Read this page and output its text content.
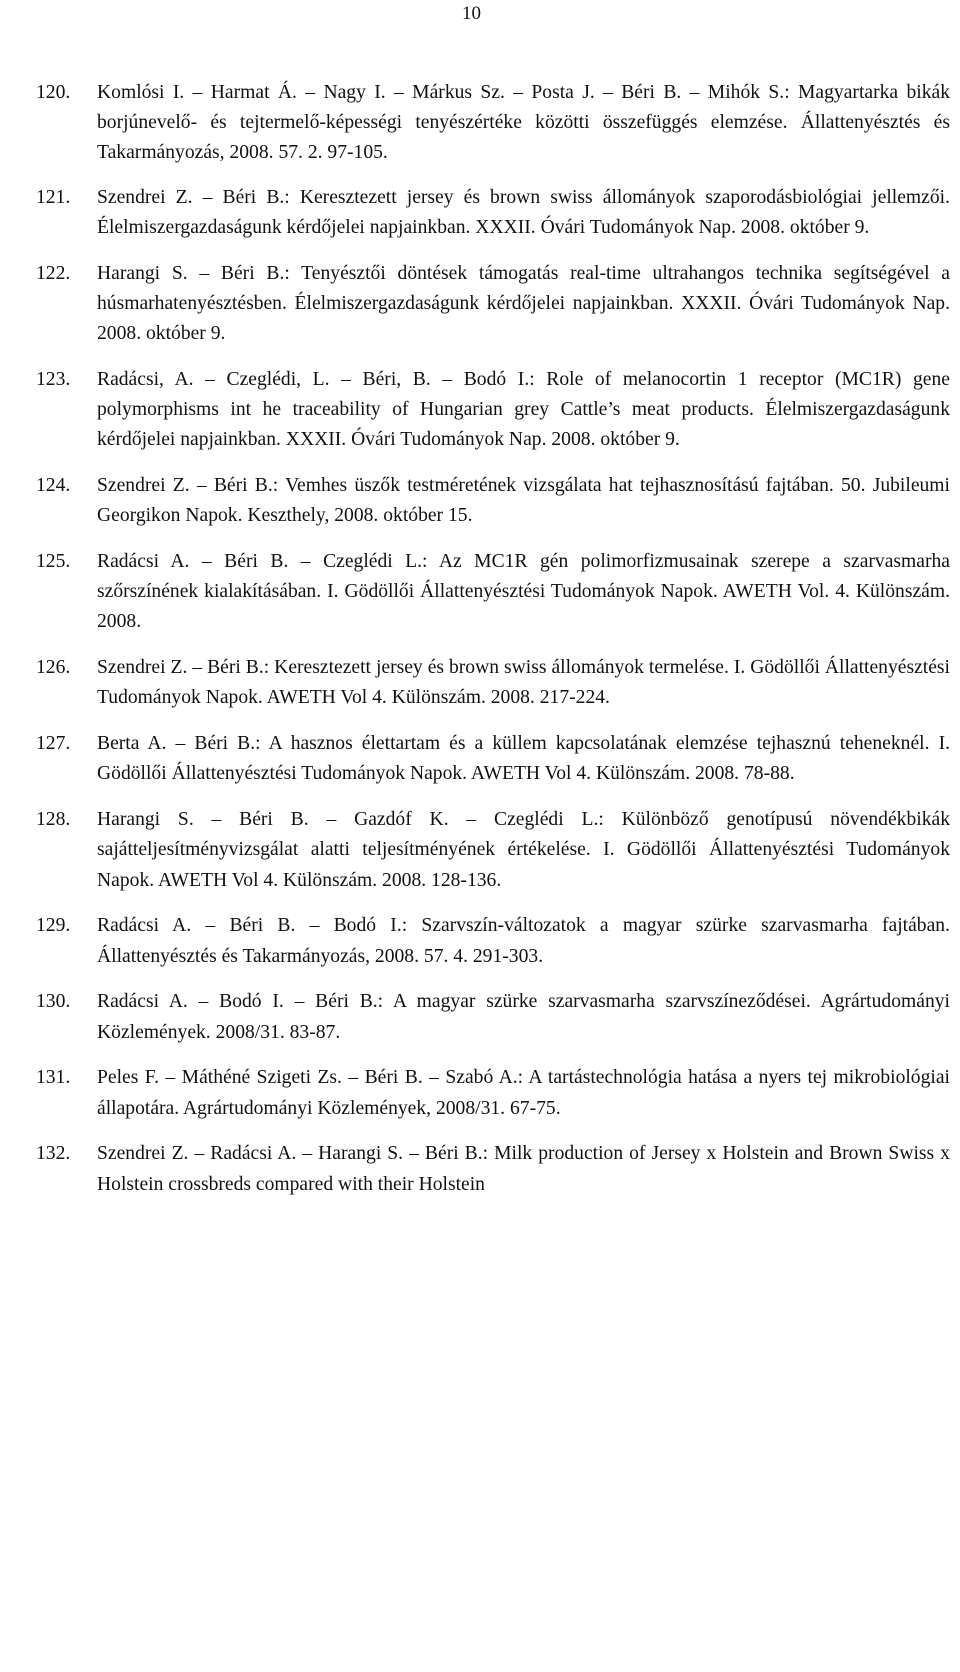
10
120. Komlósi I. – Harmat Á. – Nagy I. – Márkus Sz. – Posta J. – Béri B. – Mihók S.: Magyartarka bikák borjúnevelő- és tejtermelő-képességi tenyészértéke közötti összefüggés elemzése. Állattenyésztés és Takarmányozás, 2008. 57. 2. 97-105.
121. Szendrei Z. – Béri B.: Keresztezett jersey és brown swiss állományok szaporodásbiológiai jellemzői. Élelmiszergazdaságunk kérdőjelei napjainkban. XXXII. Óvári Tudományok Nap. 2008. október 9.
122. Harangi S. – Béri B.: Tenyésztői döntések támogatás real-time ultrahangos technika segítségével a húsmarhatenyésztésben. Élelmiszergazdaságunk kérdőjelei napjainkban. XXXII. Óvári Tudományok Nap. 2008. október 9.
123. Radácsi, A. – Czeglédi, L. – Béri, B. – Bodó I.: Role of melanocortin 1 receptor (MC1R) gene polymorphisms int he traceability of Hungarian grey Cattle’s meat products. Élelmiszergazdaságunk kérdőjelei napjainkban. XXXII. Óvári Tudományok Nap. 2008. október 9.
124. Szendrei Z. – Béri B.: Vemhes üszők testméretének vizsgálata hat tejhasznosítású fajtában. 50. Jubileumi Georgikon Napok. Keszthely, 2008. október 15.
125. Radácsi A. – Béri B. – Czeglédi L.: Az MC1R gén polimorfizmusainak szerepe a szarvasmarha szőrszínének kialakításában. I. Gödöllői Állattenyésztési Tudományok Napok. AWETH Vol. 4. Különszám. 2008.
126. Szendrei Z. – Béri B.: Keresztezett jersey és brown swiss állományok termelése. I. Gödöllői Állattenyésztési Tudományok Napok. AWETH Vol 4. Különszám. 2008. 217-224.
127. Berta A. – Béri B.: A hasznos élettartam és a küllem kapcsolatának elemzése tejhasznú teheneknél. I. Gödöllői Állattenyésztési Tudományok Napok. AWETH Vol 4. Különszám. 2008. 78-88.
128. Harangi S. – Béri B. – Gazdóf K. – Czeglédi L.: Különböző genotípusú növendékbikák sajátteljesítményvizsgálat alatti teljesítményének értékelése. I. Gödöllői Állattenyésztési Tudományok Napok. AWETH Vol 4. Különszám. 2008. 128-136.
129. Radácsi A. – Béri B. – Bodó I.: Szarvszín-változatok a magyar szürke szarvasmarha fajtában. Állattenyésztés és Takarmányozás, 2008. 57. 4. 291-303.
130. Radácsi A. – Bodó I. – Béri B.: A magyar szürke szarvasmarha szarvszíneződései. Agrártudományi Közlemények. 2008/31. 83-87.
131. Peles F. – Máthéné Szigeti Zs. – Béri B. – Szabó A.: A tartástechnológia hatása a nyers tej mikrobiológiai állapotára. Agrártudományi Közlemények, 2008/31. 67-75.
132. Szendrei Z. – Radácsi A. – Harangi S. – Béri B.: Milk production of Jersey x Holstein and Brown Swiss x Holstein crossbreds compared with their Holstein
